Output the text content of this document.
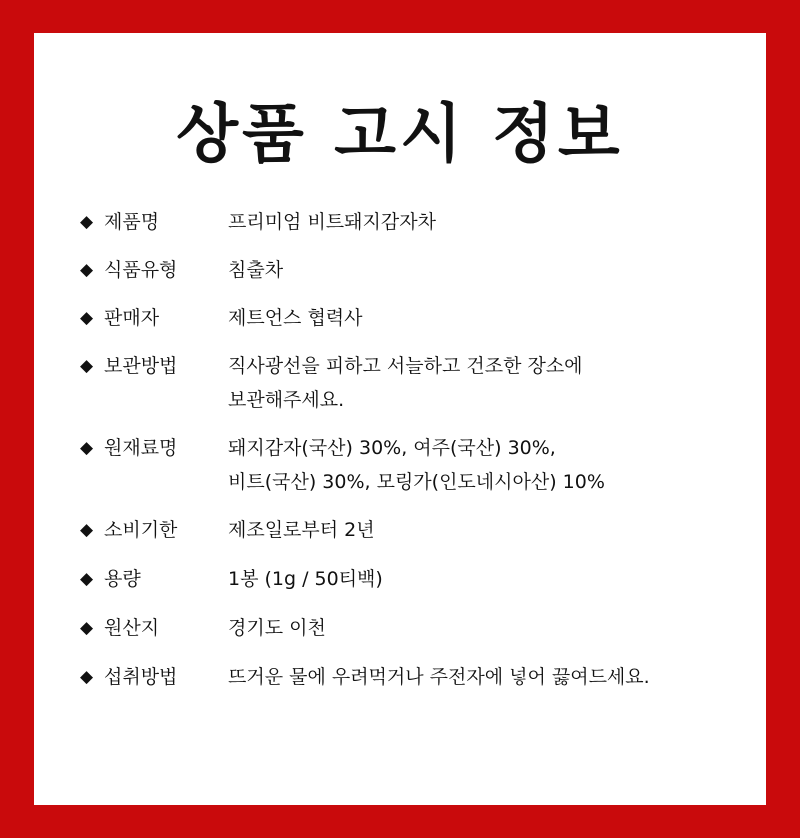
상품 고시 정보
◆ 제품명	프리미엄 비트돼지감자차
◆ 식품유형	침출차
◆ 판매자	제트언스 협력사
◆ 보관방법	직사광선을 피하고 서늘하고 건조한 장소에
보관해주세요.
◆ 원재료명	돼지감자(국산) 30%, 여주(국산) 30%,
비트(국산) 30%, 모링가(인도네시아산) 10%
◆ 소비기한	제조일로부터 2년
◆ 용량	1봉 (1g / 50티백)
◆ 원산지	경기도 이천
◆ 섭취방법	뜨거운 물에 우려먹거나 주전자에 넣어 끓여드세요.
